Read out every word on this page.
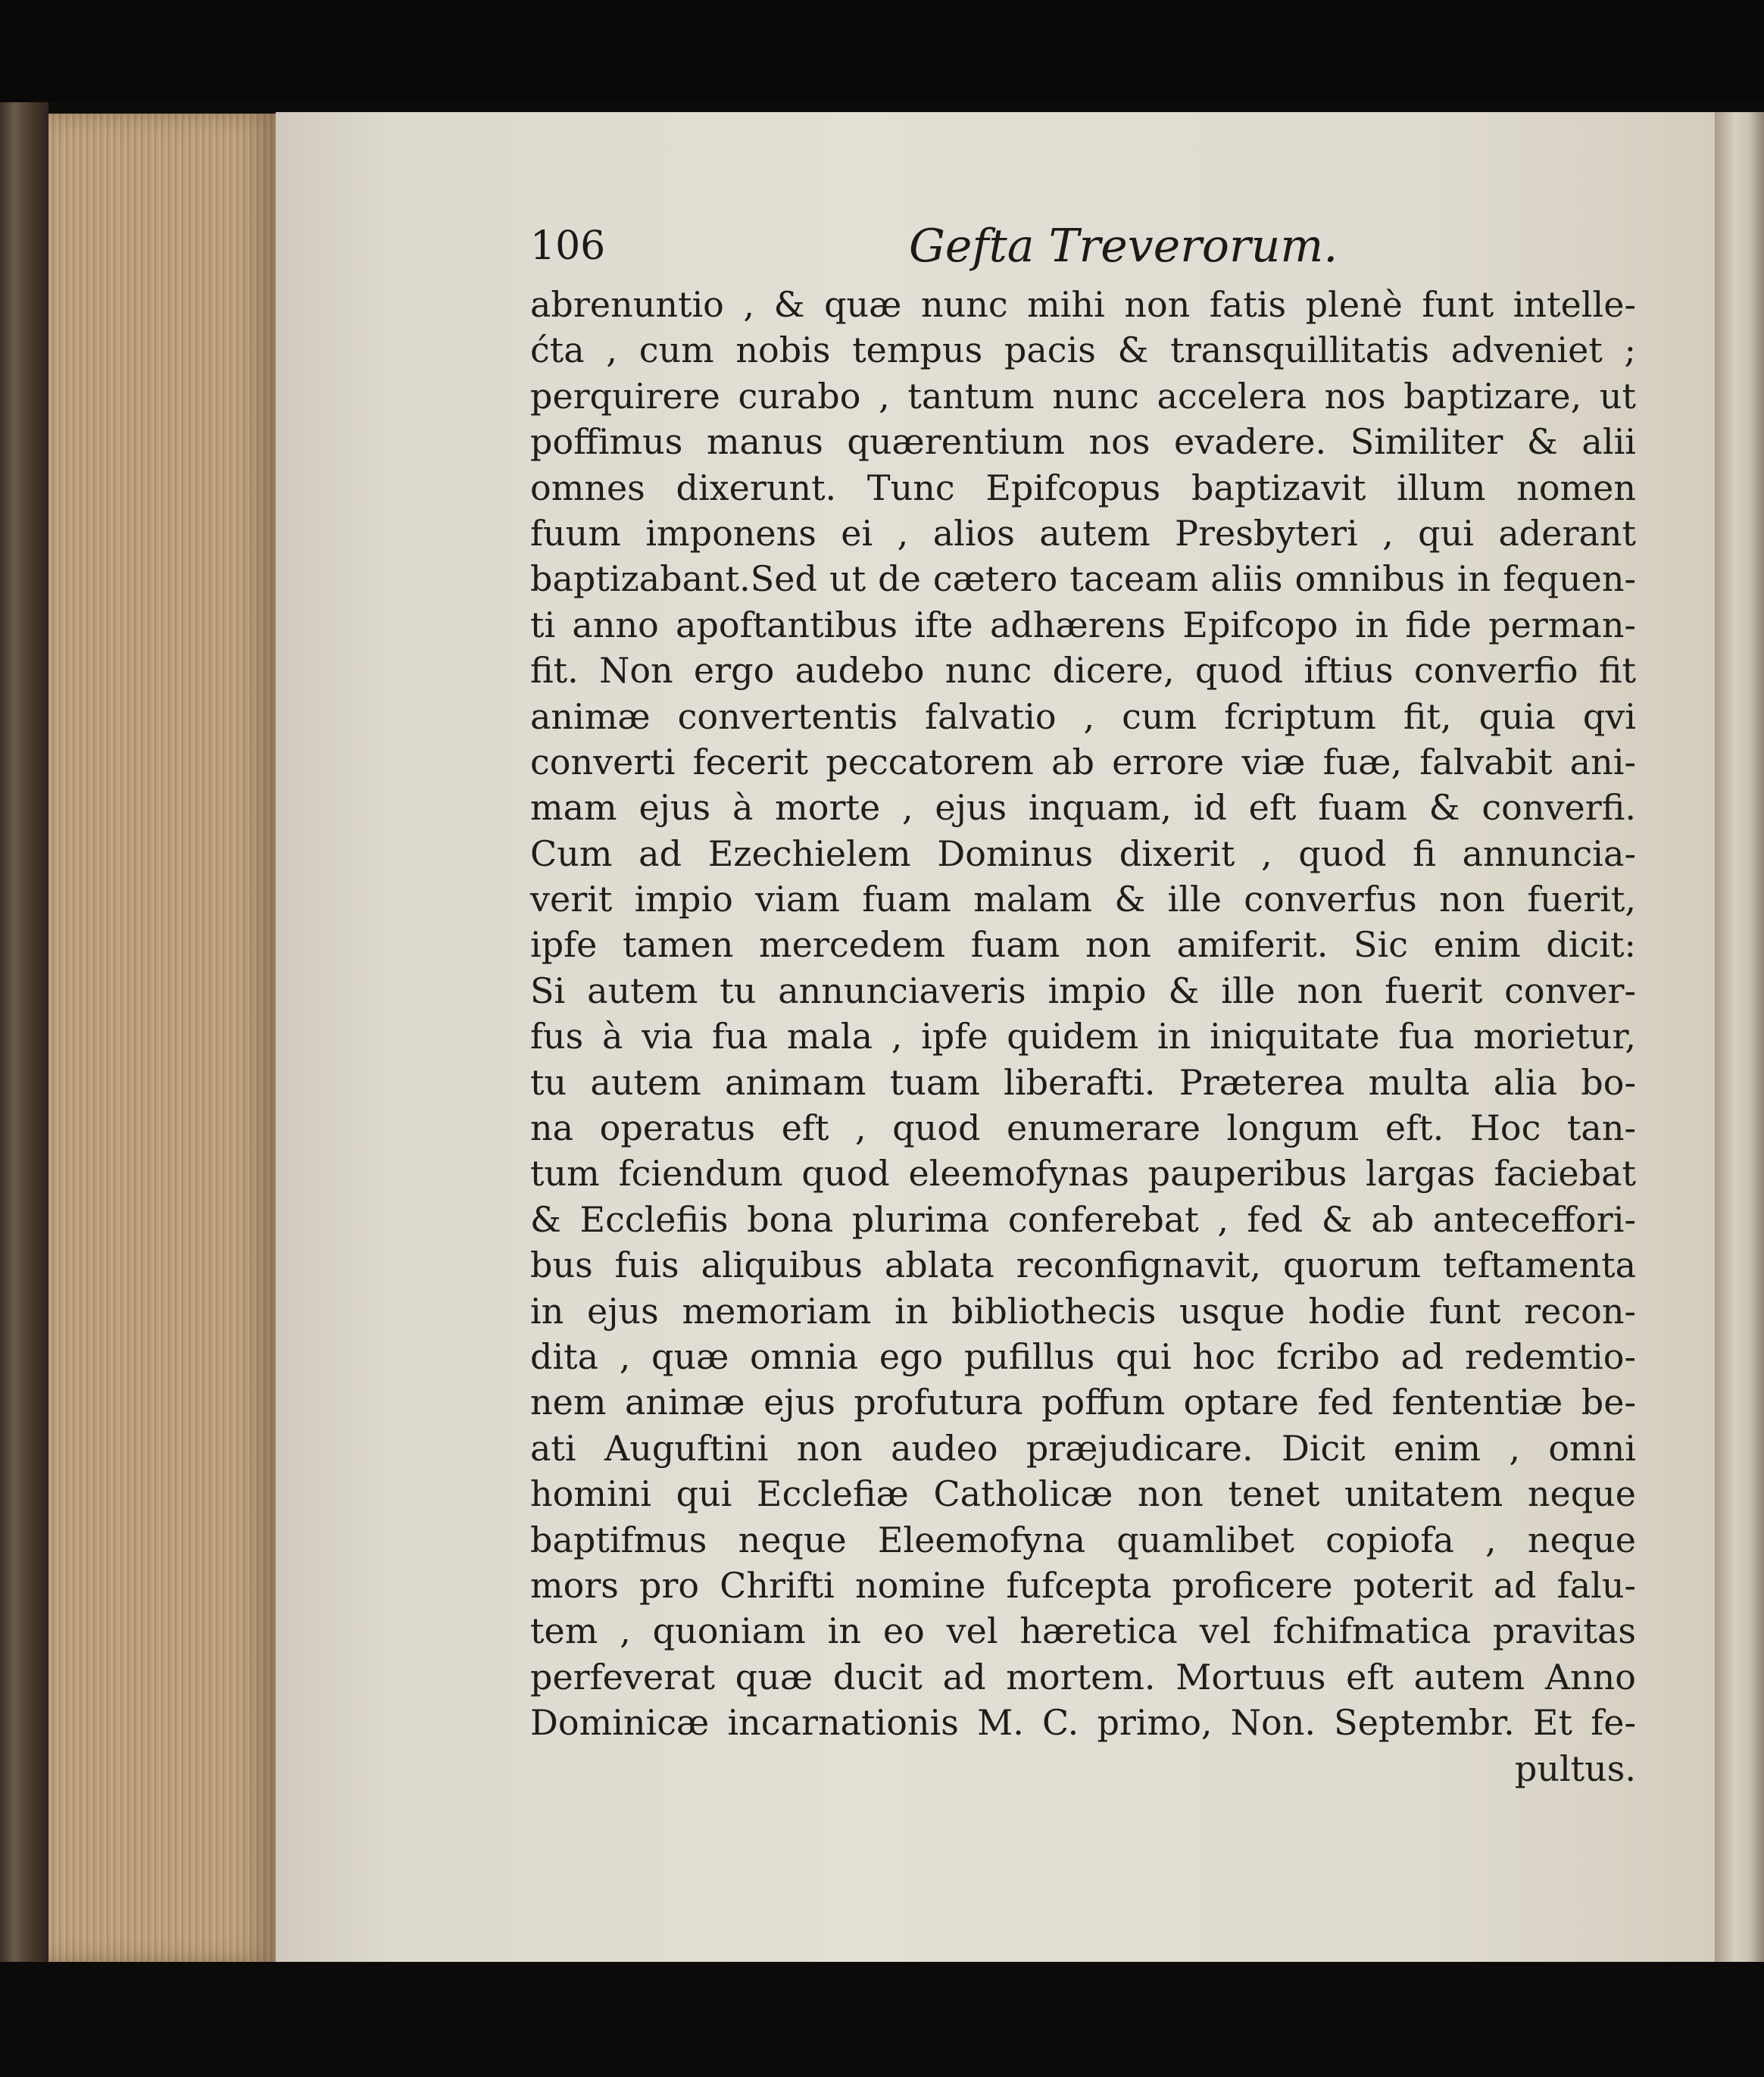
106	Gefta Treverorum.
abrenuntio , & quæ nunc mihi non fatis plenè funt intelle-
ćta , cum nobis tempus pacis & transquillitatis adveniet ;
perquirere curabo , tantum nunc accelera nos baptizare, ut
poffimus manus quærentium nos evadere. Similiter & alii
omnes dixerunt. Tunc Epifcopus baptizavit illum nomen
fuum imponens ei , alios autem Presbyteri , qui aderant
baptizabant.Sed ut de cætero taceam aliis omnibus in fequen-
ti anno apoftantibus ifte adhærens Epifcopo in fide perman-
fit. Non ergo audebo nunc dicere, quod iftius converfio fit
animæ convertentis falvatio , cum fcriptum fit, quia qvi
converti fecerit peccatorem ab errore viæ fuæ, falvabit ani-
mam ejus à morte , ejus inquam, id eft fuam & converfi.
Cum ad Ezechielem Dominus dixerit , quod fi annuncia-
verit impio viam fuam malam & ille converfus non fuerit,
ipfe tamen mercedem fuam non amiferit. Sic enim dicit:
Si autem tu annunciaveris impio & ille non fuerit conver-
fus à via fua mala , ipfe quidem in iniquitate fua morietur,
tu autem animam tuam liberafti. Præterea multa alia bo-
na operatus eft , quod enumerare longum eft. Hoc tan-
tum fciendum quod eleemofynas pauperibus largas faciebat
& Ecclefiis bona plurima conferebat , fed & ab anteceffori-
bus fuis aliquibus ablata reconfignavit, quorum teftamenta
in ejus memoriam in bibliothecis usque hodie funt recon-
dita , quæ omnia ego pufillus qui hoc fcribo ad redemtio-
nem animæ ejus profutura poffum optare fed fententiæ be-
ati Auguftini non audeo præjudicare. Dicit enim , omni
homini qui Ecclefiæ Catholicæ non tenet unitatem neque
baptifmus neque Eleemofyna quamlibet copiofa , neque
mors pro Chrifti nomine fufcepta proficere poterit ad falu-
tem , quoniam in eo vel hæretica vel fchifmatica pravitas
perfeverat quæ ducit ad mortem. Mortuus eft autem Anno
Dominicæ incarnationis M. C. primo, Non. Septembr. Et fe-
pultus.
